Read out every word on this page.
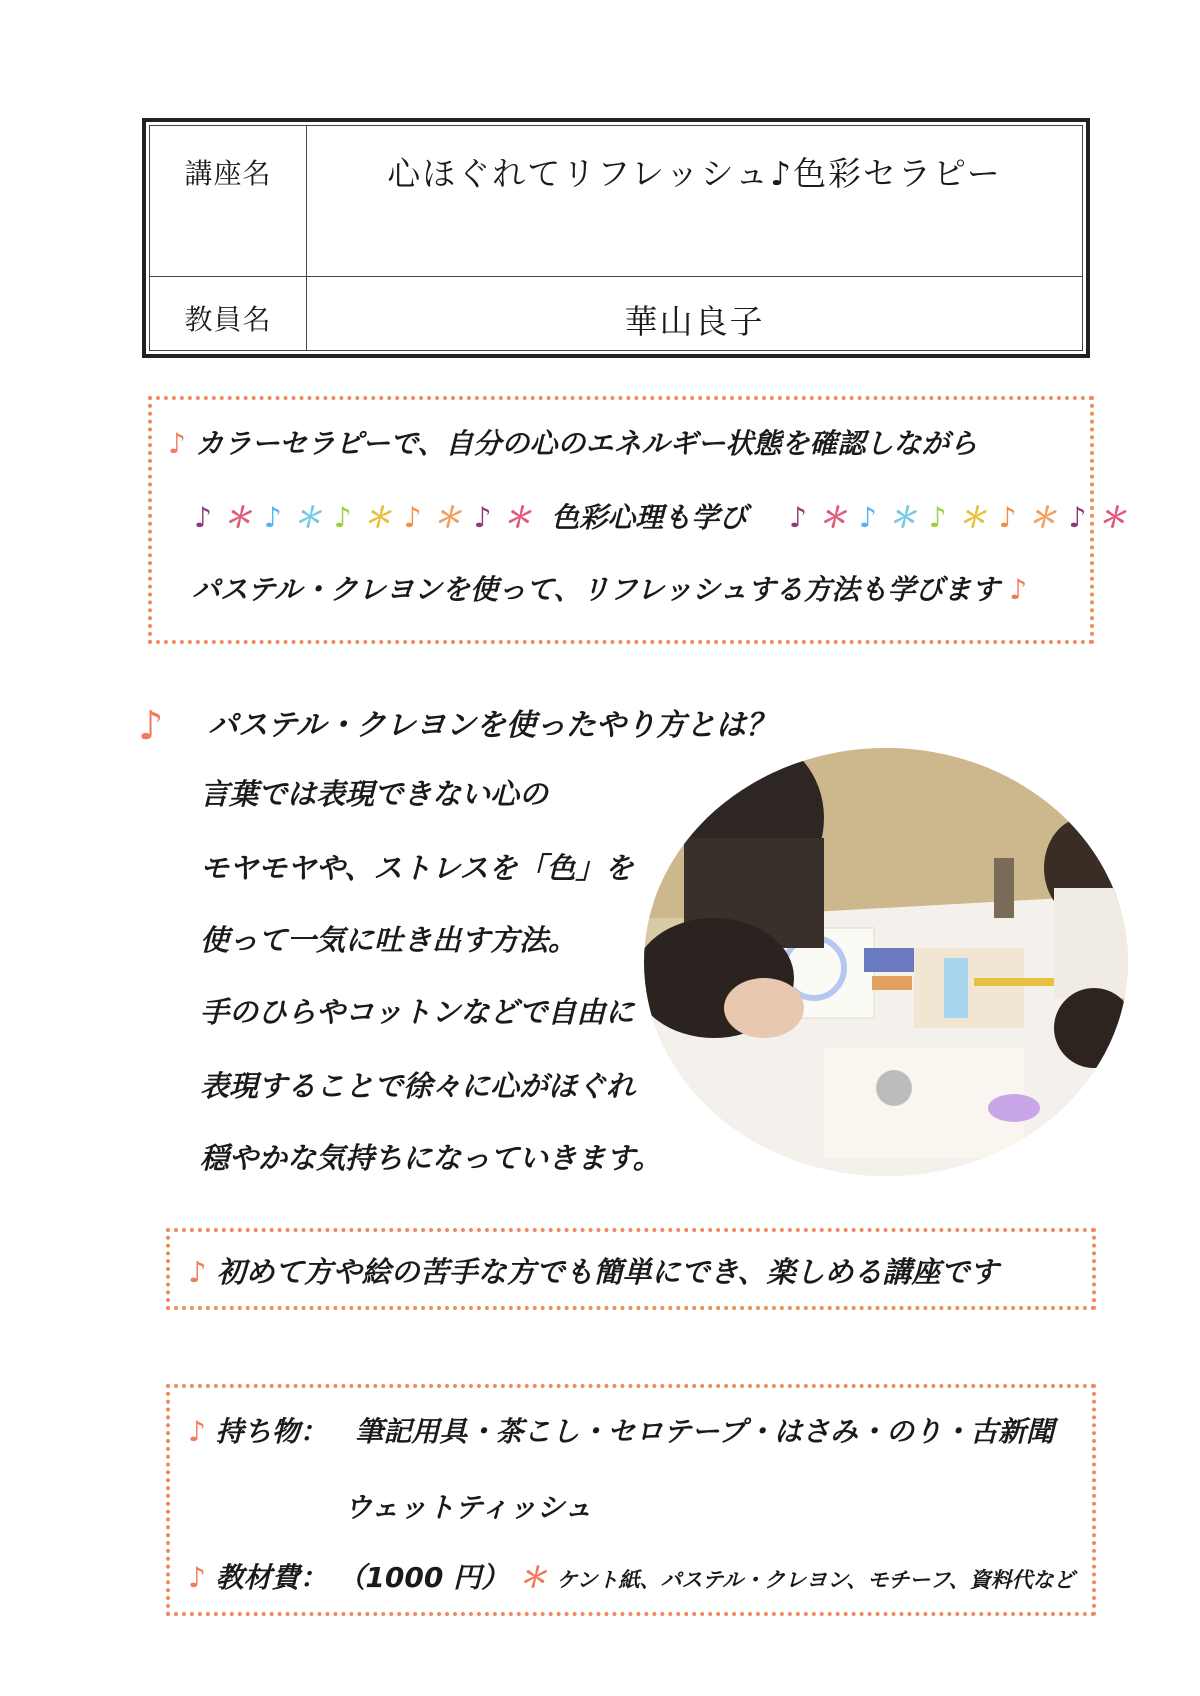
講座名	心ほぐれてリフレッシュ♪色彩セラピー
教員名	華山良子
♪ カラーセラピーで、自分の心のエネルギー状態を確認しながら
♪ ＊ ♪ ＊ ♪ ＊ ♪ ＊ ♪ ＊ 色彩心理も学び ♪ ＊ ♪ ＊ ♪ ＊ ♪ ＊ ♪ ＊
パステル・クレヨンを使って、リフレッシュする方法も学びます ♪
♪ パステル・クレヨンを使ったやり方とは？
言葉では表現できない心の
モヤモヤや、ストレスを「色」を
使って一気に吐き出す方法。
手のひらやコットンなどで自由に
表現することで徐々に心がほぐれ
穏やかな気持ちになっていきます。
♪ 初めて方や絵の苦手な方でも簡単にでき、楽しめる講座です
♪ 持ち物： 筆記用具・茶こし・セロテープ・はさみ・のり・古新聞
ウェットティッシュ
♪ 教材費： （1000 円） ＊ ケント紙、パステル・クレヨン、モチーフ、資料代など
